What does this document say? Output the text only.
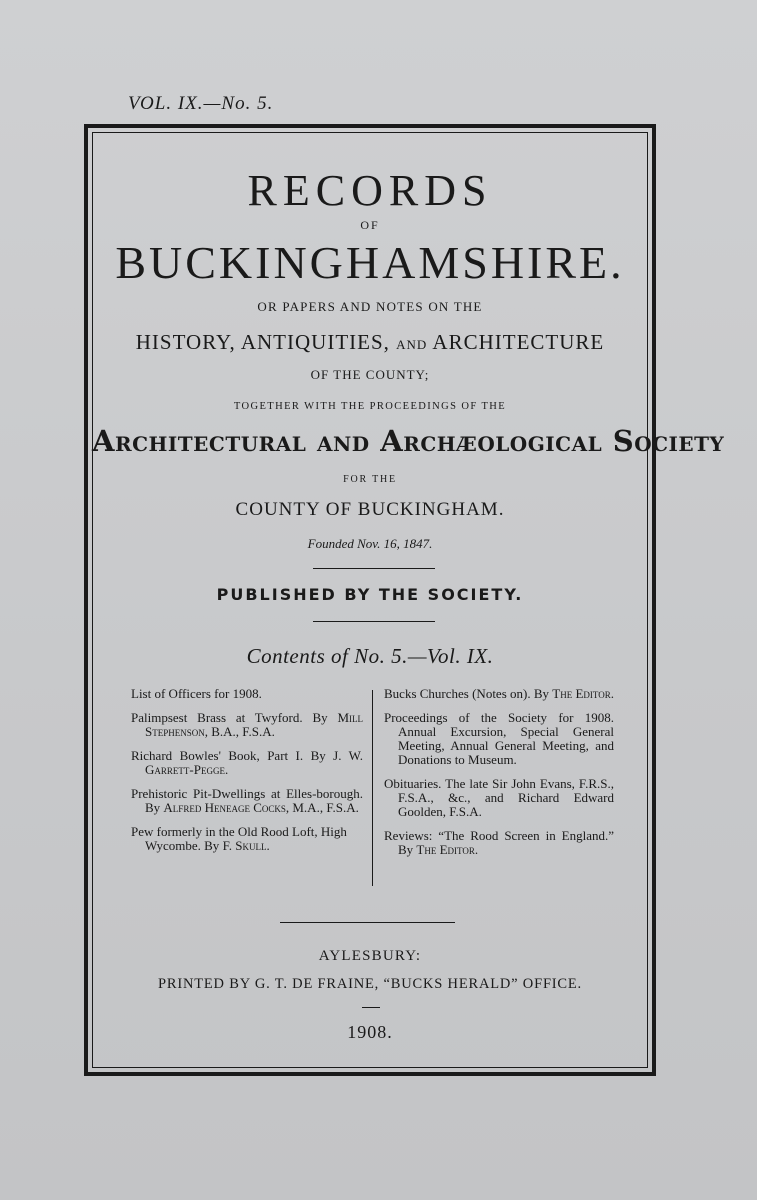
VOL. IX.—No. 5.
RECORDS
OF
BUCKINGHAMSHIRE.
OR PAPERS AND NOTES ON THE
HISTORY, ANTIQUITIES, AND ARCHITECTURE
OF THE COUNTY;
TOGETHER WITH THE PROCEEDINGS OF THE
Architectural and Archæological Society
FOR THE
COUNTY OF BUCKINGHAM.
Founded Nov. 16, 1847.
PUBLISHED BY THE SOCIETY.
Contents of No. 5.—Vol. IX.
List of Officers for 1908.
Palimpsest Brass at Twyford. By Mill Stephenson, B.A., F.S.A.
Richard Bowles' Book, Part I. By J. W. Garrett-Pegge.
Prehistoric Pit-Dwellings at Elles-borough. By Alfred Heneage Cocks, M.A., F.S.A.
Pew formerly in the Old Rood Loft, High Wycombe. By F. Skull.
Bucks Churches (Notes on). By The Editor.
Proceedings of the Society for 1908. Annual Excursion, Special General Meeting, Annual General Meeting, and Donations to Museum.
Obituaries. The late Sir John Evans, F.R.S., F.S.A., &c., and Richard Edward Goolden, F.S.A.
Reviews: “The Rood Screen in England.” By The Editor.
AYLESBURY:
PRINTED BY G. T. DE FRAINE, “BUCKS HERALD” OFFICE.
1908.
